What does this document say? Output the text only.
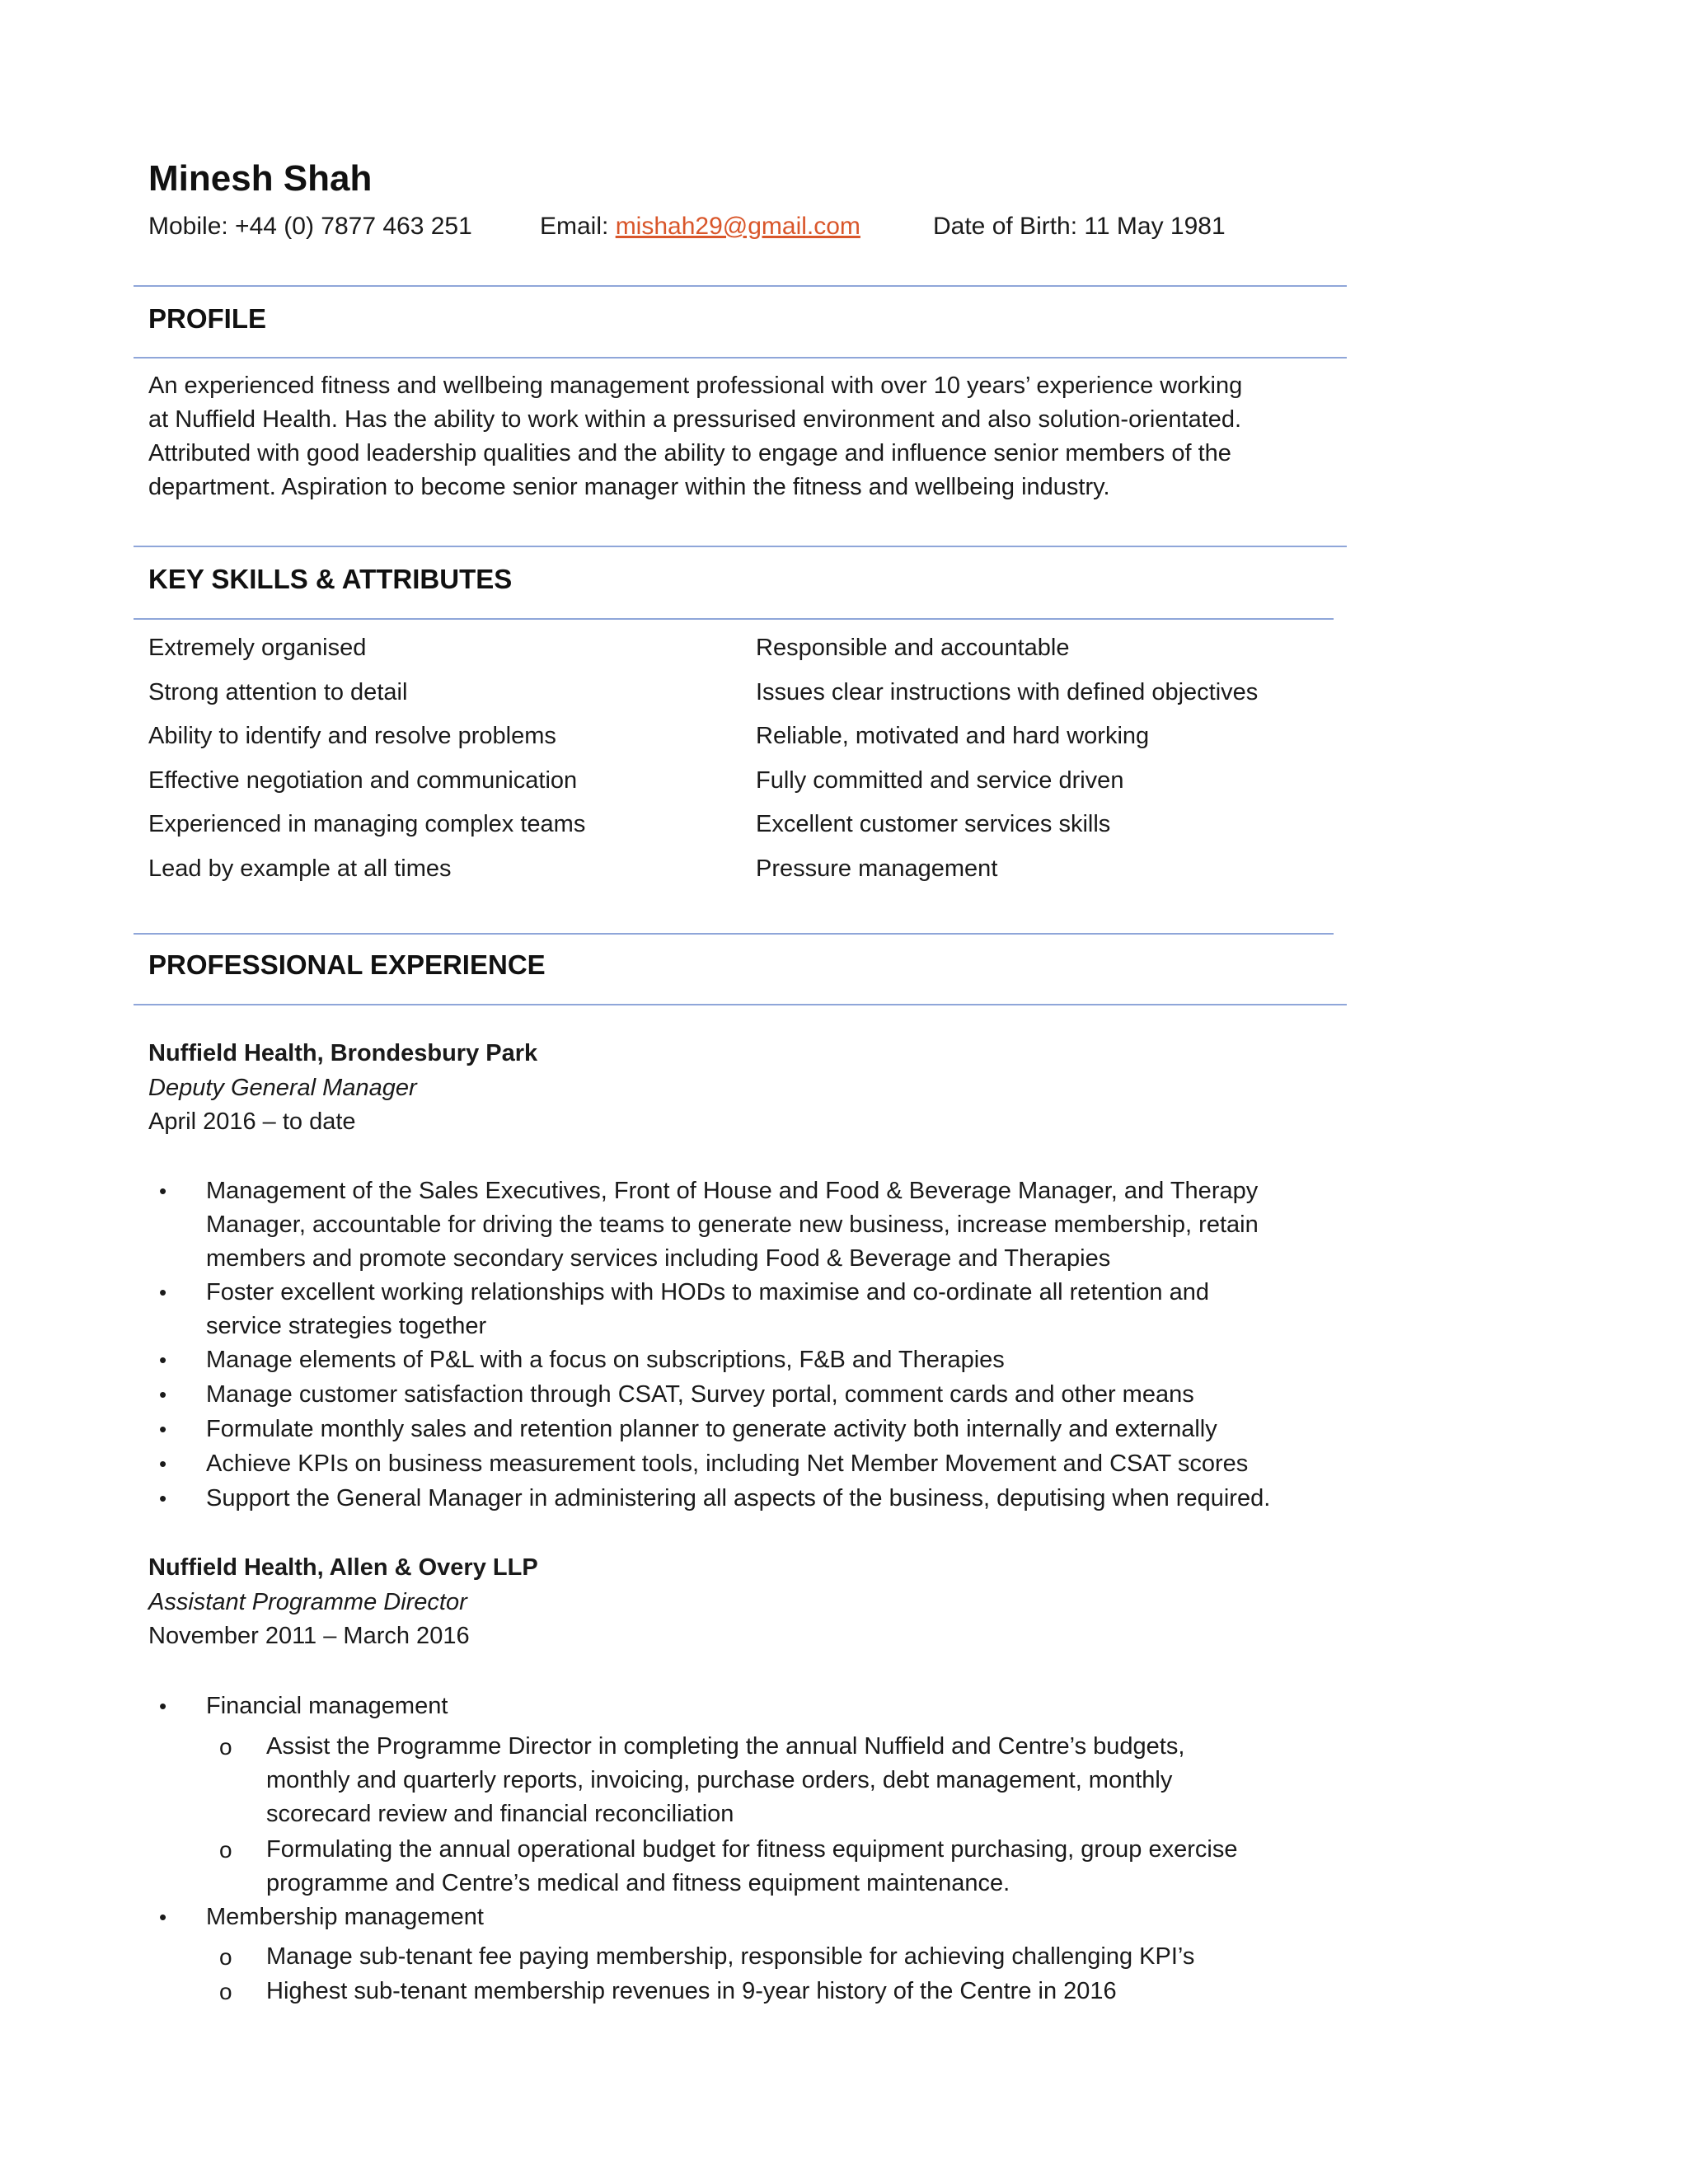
Minesh Shah
Mobile: +44 (0) 7877 463 251	Email: mishah29@gmail.com	Date of Birth: 11 May 1981
PROFILE
An experienced fitness and wellbeing management professional with over 10 years’ experience working
at Nuffield Health. Has the ability to work within a pressurised environment and also solution-orientated.
Attributed with good leadership qualities and the ability to engage and influence senior members of the
department. Aspiration to become senior manager within the fitness and wellbeing industry.
KEY SKILLS & ATTRIBUTES
Extremely organised
Strong attention to detail
Ability to identify and resolve problems
Effective negotiation and communication
Experienced in managing complex teams
Lead by example at all times
Responsible and accountable
Issues clear instructions with defined objectives
Reliable, motivated and hard working
Fully committed and service driven
Excellent customer services skills
Pressure management
PROFESSIONAL EXPERIENCE
Nuffield Health, Brondesbury Park
Deputy General Manager
April 2016 – to date
• Management of the Sales Executives, Front of House and Food & Beverage Manager, and Therapy
Manager, accountable for driving the teams to generate new business, increase membership, retain
members and promote secondary services including Food & Beverage and Therapies
• Foster excellent working relationships with HODs to maximise and co-ordinate all retention and
service strategies together
• Manage elements of P&L with a focus on subscriptions, F&B and Therapies
• Manage customer satisfaction through CSAT, Survey portal, comment cards and other means
• Formulate monthly sales and retention planner to generate activity both internally and externally
• Achieve KPIs on business measurement tools, including Net Member Movement and CSAT scores
• Support the General Manager in administering all aspects of the business, deputising when required.
Nuffield Health, Allen & Overy LLP
Assistant Programme Director
November 2011 – March 2016
• Financial management
o Assist the Programme Director in completing the annual Nuffield and Centre’s budgets,
monthly and quarterly reports, invoicing, purchase orders, debt management, monthly
scorecard review and financial reconciliation
o Formulating the annual operational budget for fitness equipment purchasing, group exercise
programme and Centre’s medical and fitness equipment maintenance.
• Membership management
o Manage sub-tenant fee paying membership, responsible for achieving challenging KPI’s
o Highest sub-tenant membership revenues in 9-year history of the Centre in 2016
